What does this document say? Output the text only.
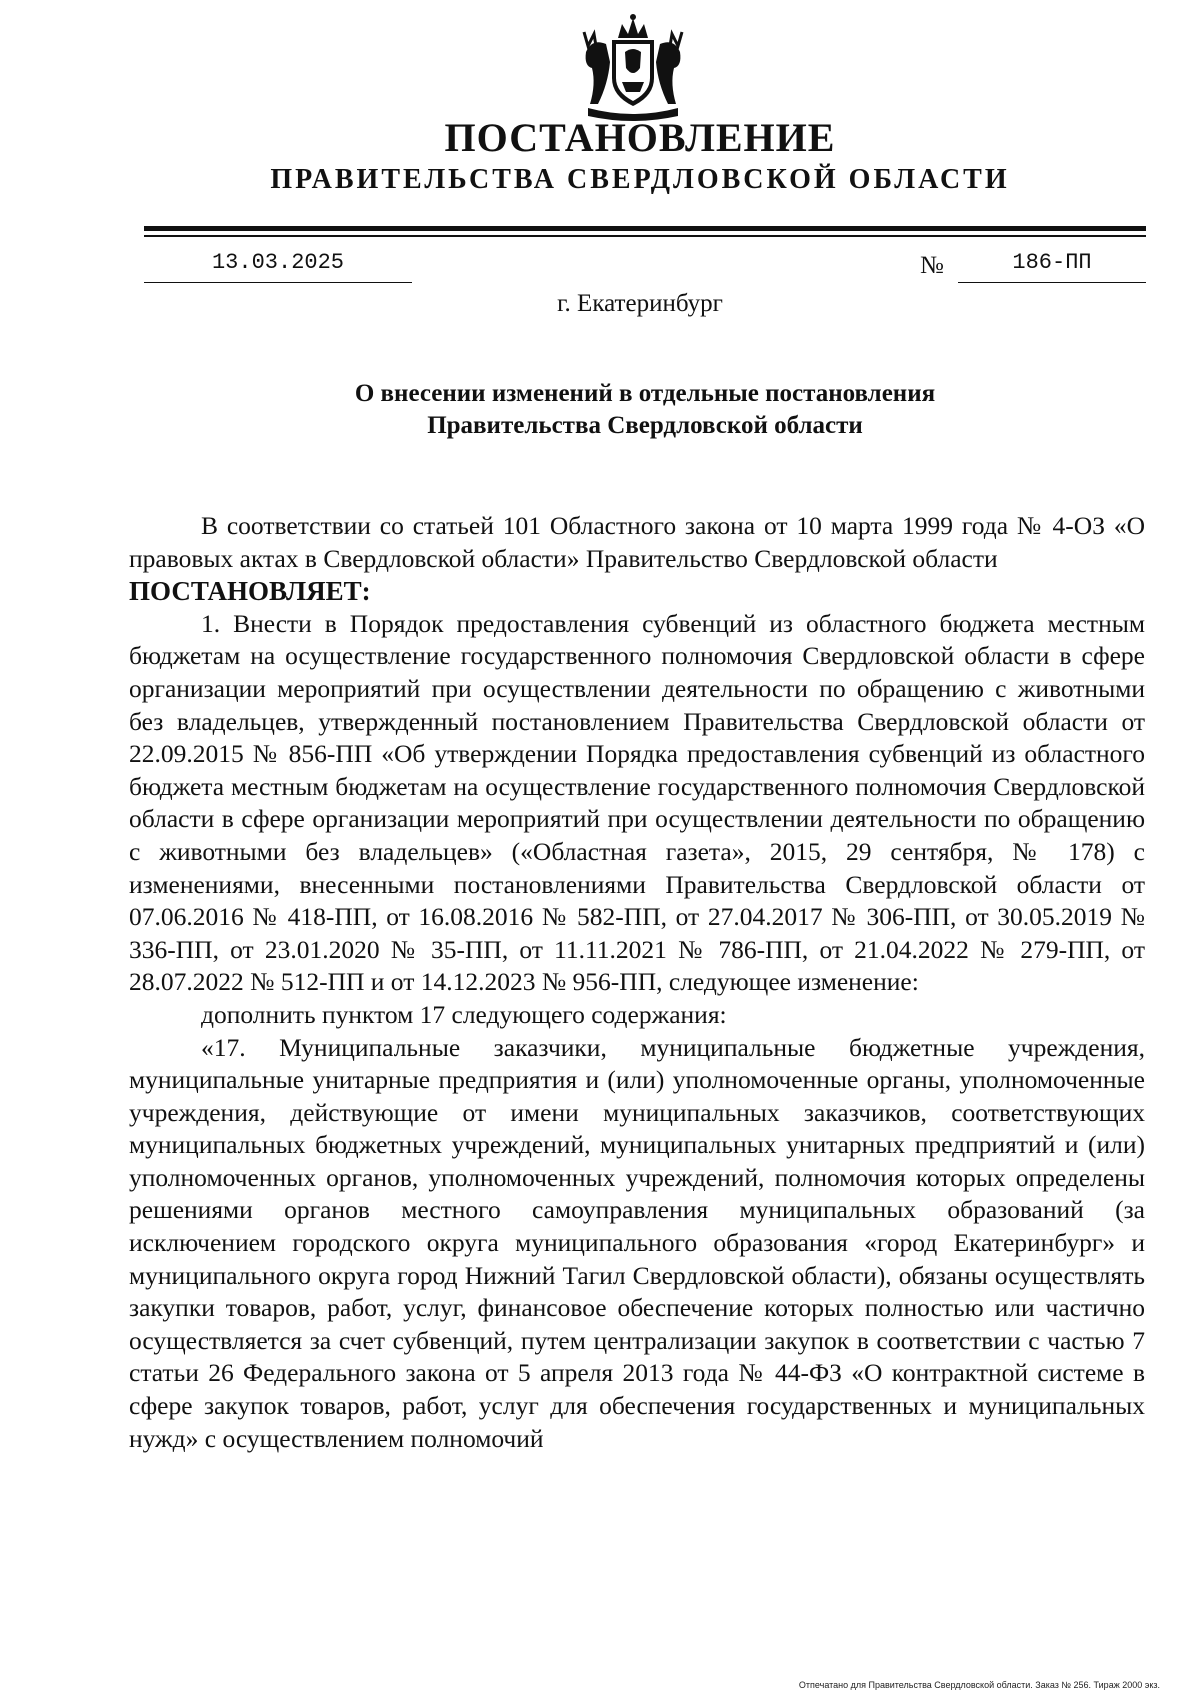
ПОСТАНОВЛЕНИЕ
ПРАВИТЕЛЬСТВА СВЕРДЛОВСКОЙ ОБЛАСТИ
13.03.2025	№	186-ПП
г. Екатеринбург
О внесении изменений в отдельные постановления
Правительства Свердловской области

В соответствии со статьей 101 Областного закона от 10 марта 1999 года № 4-ОЗ «О правовых актах в Свердловской области» Правительство Свердловской области

ПОСТАНОВЛЯЕТ:

1. Внести в Порядок предоставления субвенций из областного бюджета местным бюджетам на осуществление государственного полномочия Свердловской области в сфере организации мероприятий при осуществлении деятельности по обращению с животными без владельцев, утвержденный постановлением Правительства Свердловской области от 22.09.2015 № 856-ПП «Об утверждении Порядка предоставления субвенций из областного бюджета местным бюджетам на осуществление государственного полномочия Свердловской области в сфере организации мероприятий при осуществлении деятельности по обращению с животными без владельцев» («Областная газета», 2015, 29 сентября, № 178) с изменениями, внесенными постановлениями Правительства Свердловской области от 07.06.2016 № 418-ПП, от 16.08.2016 № 582-ПП, от 27.04.2017 № 306-ПП, от 30.05.2019 № 336-ПП, от 23.01.2020 № 35-ПП, от 11.11.2021 № 786-ПП, от 21.04.2022 № 279-ПП, от 28.07.2022 № 512-ПП и от 14.12.2023 № 956-ПП, следующее изменение:

дополнить пунктом 17 следующего содержания:

«17. Муниципальные заказчики, муниципальные бюджетные учреждения, муниципальные унитарные предприятия и (или) уполномоченные органы, уполномоченные учреждения, действующие от имени муниципальных заказчиков, соответствующих муниципальных бюджетных учреждений, муниципальных унитарных предприятий и (или) уполномоченных органов, уполномоченных учреждений, полномочия которых определены решениями органов местного самоуправления муниципальных образований (за исключением городского округа муниципального образования «город Екатеринбург» и муниципального округа город Нижний Тагил Свердловской области), обязаны осуществлять закупки товаров, работ, услуг, финансовое обеспечение которых полностью или частично осуществляется за счет субвенций, путем централизации закупок в соответствии с частью 7 статьи 26 Федерального закона от 5 апреля 2013 года № 44-ФЗ «О контрактной системе в сфере закупок товаров, работ, услуг для обеспечения государственных и муниципальных нужд» с осуществлением полномочий

Отпечатано для Правительства Свердловской области. Заказ № 256. Тираж 2000 экз.
